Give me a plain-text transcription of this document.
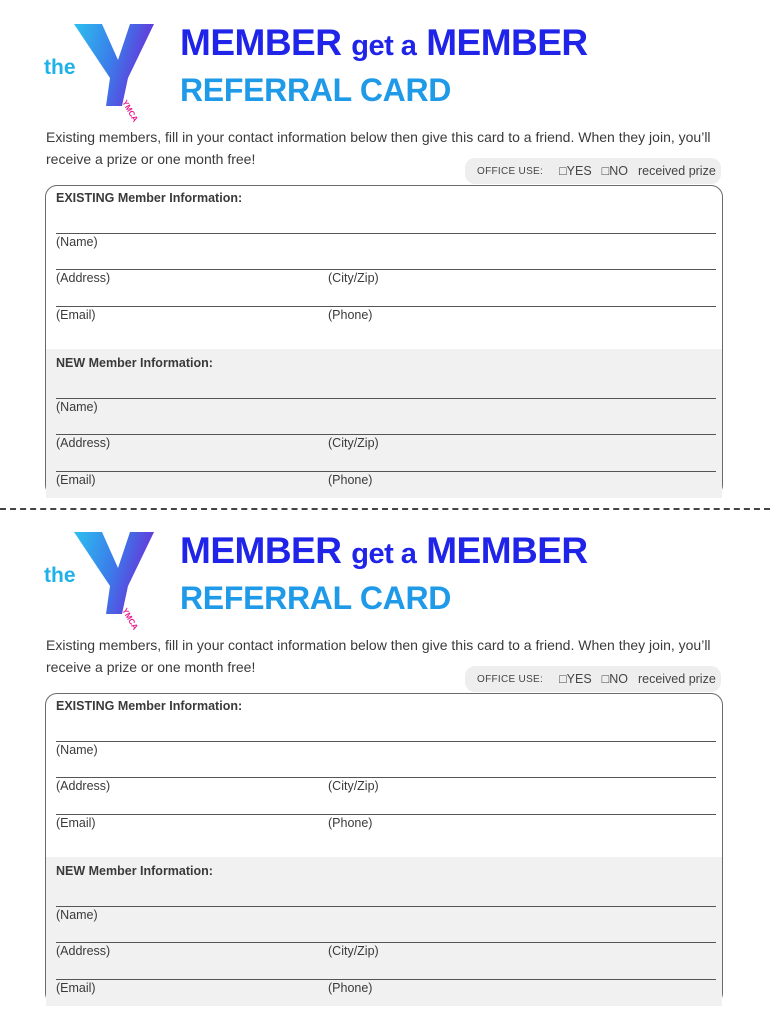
the
YMCA
MEMBER get a MEMBER
REFERRAL CARD
Existing members, fill in your contact information below then give this card to a friend. When they join, you’ll receive a prize or one month free!
OFFICE USE: □YES □NO received prize
EXISTING Member Information:
(Name)
(Address)	(City/Zip)
(Email)	(Phone)
NEW Member Information:
(Name)
(Address)	(City/Zip)
(Email)	(Phone)
the
YMCA
MEMBER get a MEMBER
REFERRAL CARD
Existing members, fill in your contact information below then give this card to a friend. When they join, you’ll receive a prize or one month free!
OFFICE USE: □YES □NO received prize
EXISTING Member Information:
(Name)
(Address)	(City/Zip)
(Email)	(Phone)
NEW Member Information:
(Name)
(Address)	(City/Zip)
(Email)	(Phone)
